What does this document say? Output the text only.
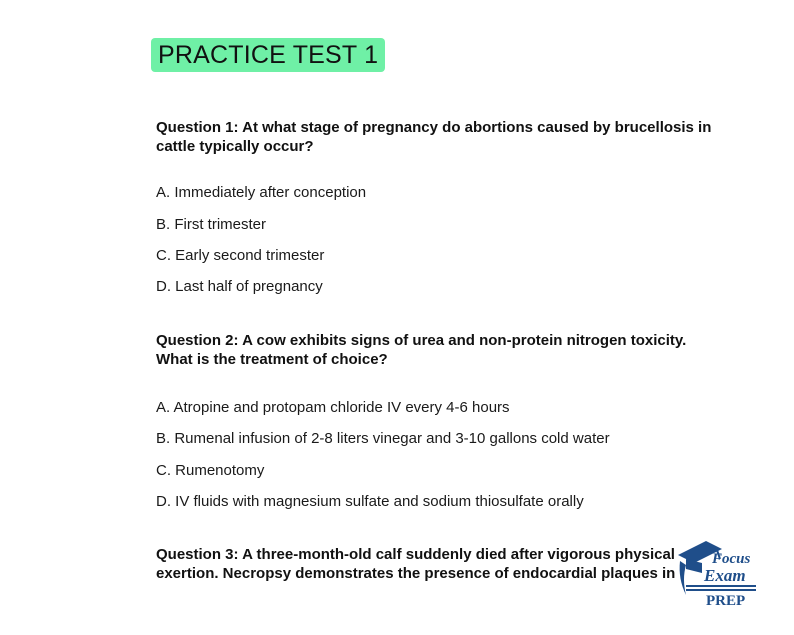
PRACTICE TEST 1
Question 1: At what stage of pregnancy do abortions caused by brucellosis in cattle typically occur?
A. Immediately after conception
B. First trimester
C. Early second trimester
D. Last half of pregnancy
Question 2: A cow exhibits signs of urea and non-protein nitrogen toxicity. What is the treatment of choice?
A. Atropine and protopam chloride IV every 4-6 hours
B. Rumenal infusion of 2-8 liters vinegar and 3-10 gallons cold water
C. Rumenotomy
D. IV fluids with magnesium sulfate and sodium thiosulfate orally
Question 3: A three-month-old calf suddenly died after vigorous physical exertion. Necropsy demonstrates the presence of endocardial plaques in
Focus
Exam
PREP
